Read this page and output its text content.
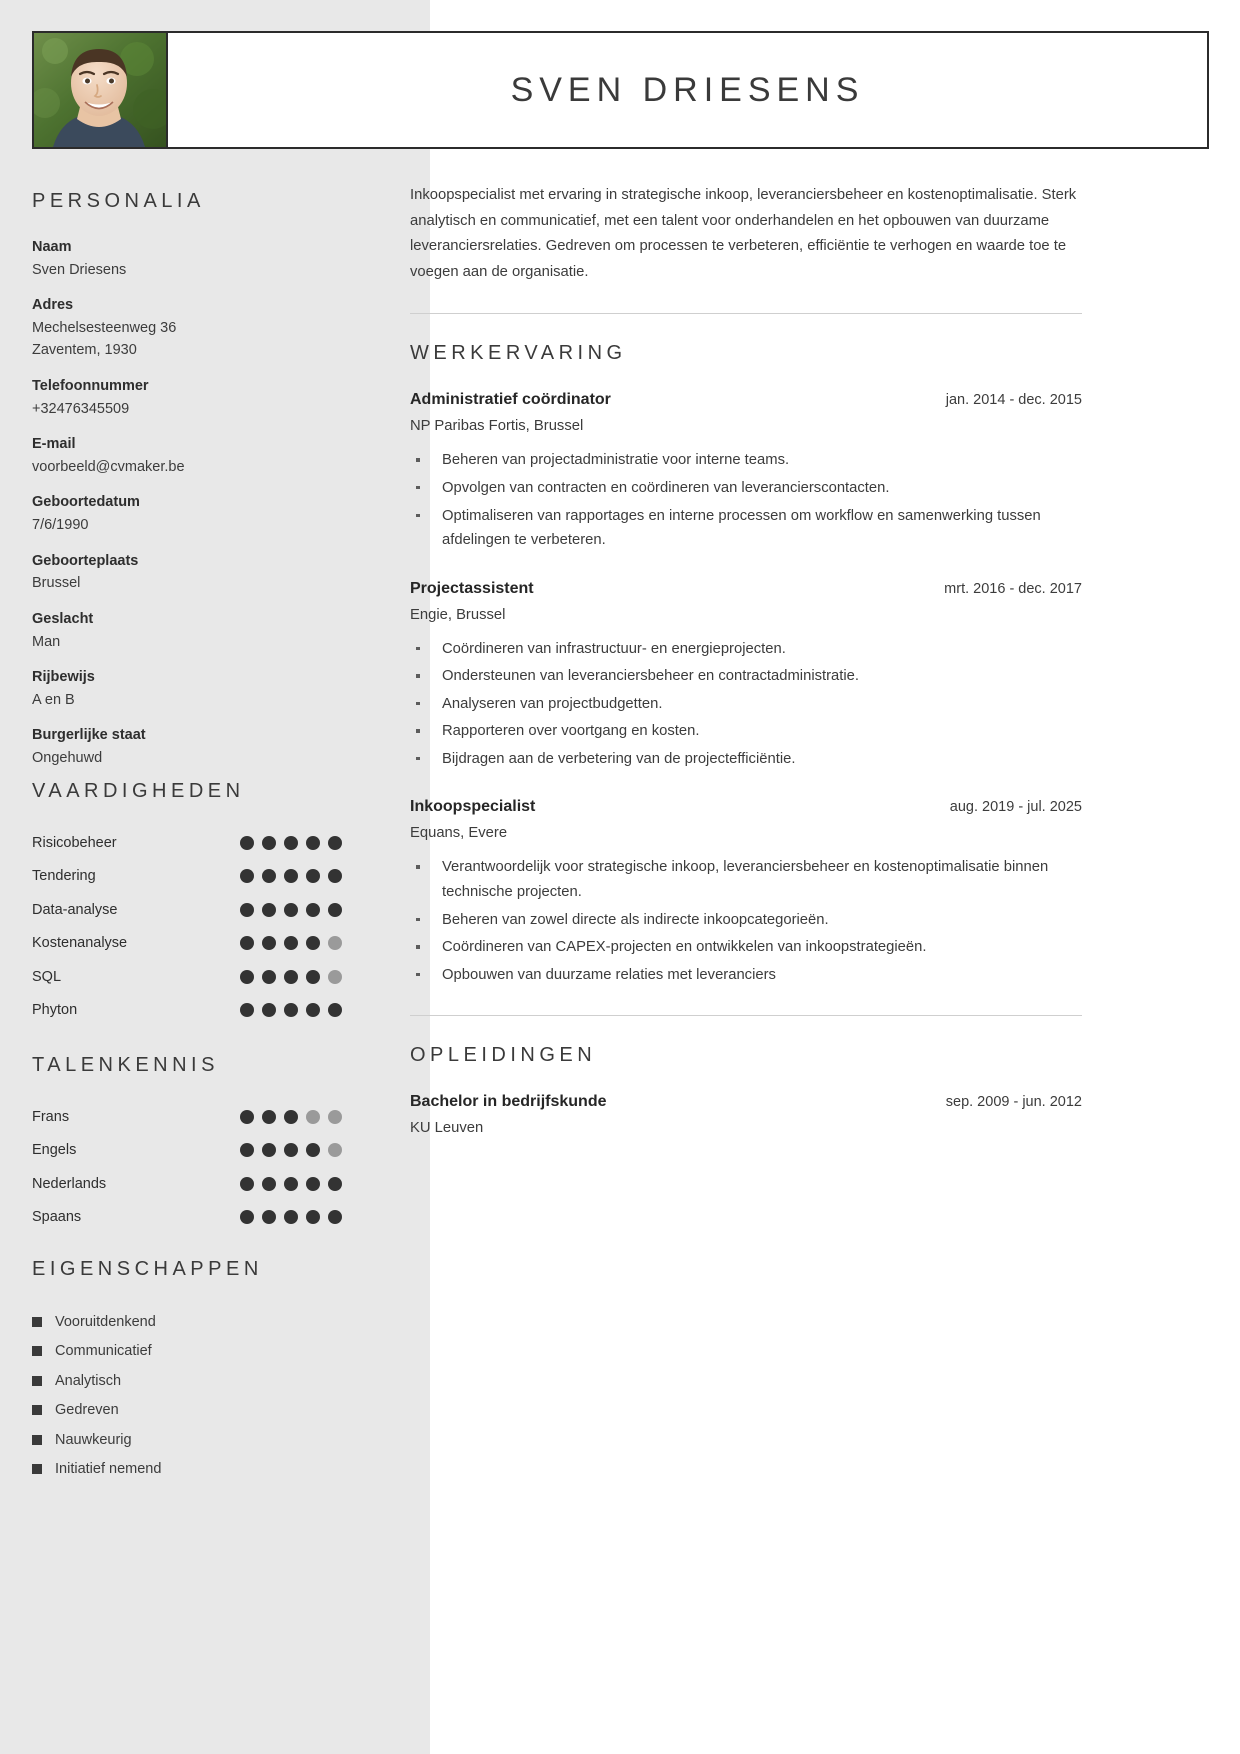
SVEN DRIESENS
PERSONALIA
Naam
Sven Driesens
Adres
Mechelsesteenweg 36
Zaventem, 1930
Telefoonnummer
+32476345509
E-mail
voorbeeld@cvmaker.be
Geboortedatum
7/6/1990
Geboorteplaats
Brussel
Geslacht
Man
Rijbewijs
A en B
Burgerlijke staat
Ongehuwd
VAARDIGHEDEN
Risicobeheer
Tendering
Data-analyse
Kostenanalyse
SQL
Phyton
TALENKENNIS
Frans
Engels
Nederlands
Spaans
EIGENSCHAPPEN
Vooruitdenkend
Communicatief
Analytisch
Gedreven
Nauwkeurig
Initiatief nemend
Inkoopspecialist met ervaring in strategische inkoop, leveranciersbeheer en kostenoptimalisatie. Sterk analytisch en communicatief, met een talent voor onderhandelen en het opbouwen van duurzame leveranciersrelaties. Gedreven om processen te verbeteren, efficiëntie te verhogen en waarde toe te voegen aan de organisatie.
WERKERVARING
Administratief coördinator	jan. 2014 - dec. 2015
NP Paribas Fortis, Brussel
Beheren van projectadministratie voor interne teams.
Opvolgen van contracten en coördineren van leverancierscontacten.
Optimaliseren van rapportages en interne processen om workflow en samenwerking tussen afdelingen te verbeteren.
Projectassistent	mrt. 2016 - dec. 2017
Engie, Brussel
Coördineren van infrastructuur- en energieprojecten.
Ondersteunen van leveranciersbeheer en contractadministratie.
Analyseren van projectbudgetten.
Rapporteren over voortgang en kosten.
Bijdragen aan de verbetering van de projectefficiëntie.
Inkoopspecialist	aug. 2019 - jul. 2025
Equans, Evere
Verantwoordelijk voor strategische inkoop, leveranciersbeheer en kostenoptimalisatie binnen technische projecten.
Beheren van zowel directe als indirecte inkoopcategorieën.
Coördineren van CAPEX-projecten en ontwikkelen van inkoopstrategieën.
Opbouwen van duurzame relaties met leveranciers
OPLEIDINGEN
Bachelor in bedrijfskunde	sep. 2009 - jun. 2012
KU Leuven
